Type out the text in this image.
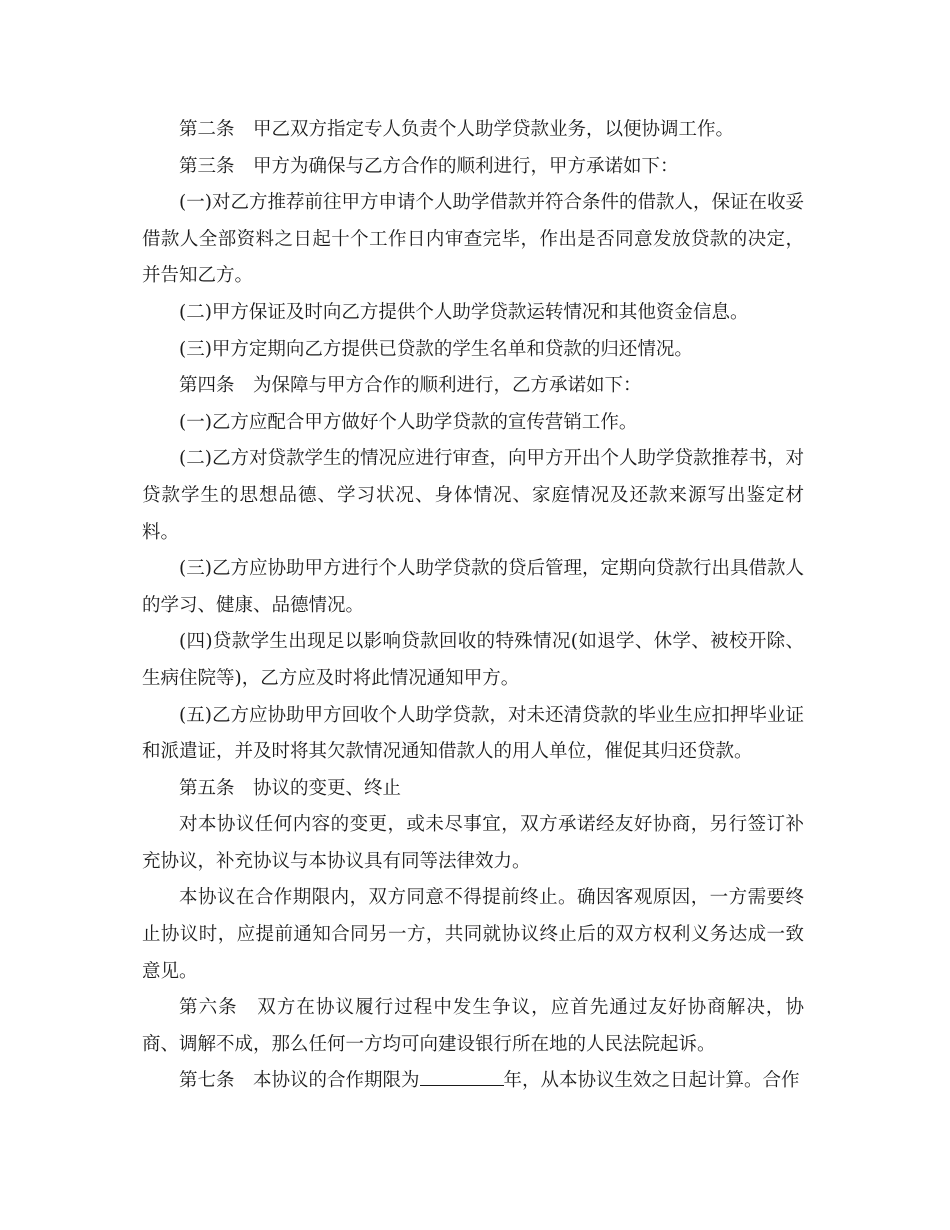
第二条　甲乙双方指定专人负责个人助学贷款业务，以便协调工作。

第三条　甲方为确保与乙方合作的顺利进行，甲方承诺如下：

(一)对乙方推荐前往甲方申请个人助学借款并符合条件的借款人，保证在收妥借款人全部资料之日起十个工作日内审查完毕，作出是否同意发放贷款的决定，并告知乙方。

(二)甲方保证及时向乙方提供个人助学贷款运转情况和其他资金信息。

(三)甲方定期向乙方提供已贷款的学生名单和贷款的归还情况。

第四条　为保障与甲方合作的顺利进行，乙方承诺如下：

(一)乙方应配合甲方做好个人助学贷款的宣传营销工作。

(二)乙方对贷款学生的情况应进行审查，向甲方开出个人助学贷款推荐书，对贷款学生的思想品德、学习状况、身体情况、家庭情况及还款来源写出鉴定材料。

(三)乙方应协助甲方进行个人助学贷款的贷后管理，定期向贷款行出具借款人的学习、健康、品德情况。

(四)贷款学生出现足以影响贷款回收的特殊情况(如退学、休学、被校开除、生病住院等)，乙方应及时将此情况通知甲方。

(五)乙方应协助甲方回收个人助学贷款，对未还清贷款的毕业生应扣押毕业证和派遣证，并及时将其欠款情况通知借款人的用人单位，催促其归还贷款。

第五条　协议的变更、终止

对本协议任何内容的变更，或未尽事宜，双方承诺经友好协商，另行签订补充协议，补充协议与本协议具有同等法律效力。

本协议在合作期限内，双方同意不得提前终止。确因客观原因，一方需要终止协议时，应提前通知合同另一方，共同就协议终止后的双方权利义务达成一致意见。

第六条　双方在协议履行过程中发生争议，应首先通过友好协商解决，协商、调解不成，那么任何一方均可向建设银行所在地的人民法院起诉。

第七条　本协议的合作期限为	年，从本协议生效之日起计算。合作
